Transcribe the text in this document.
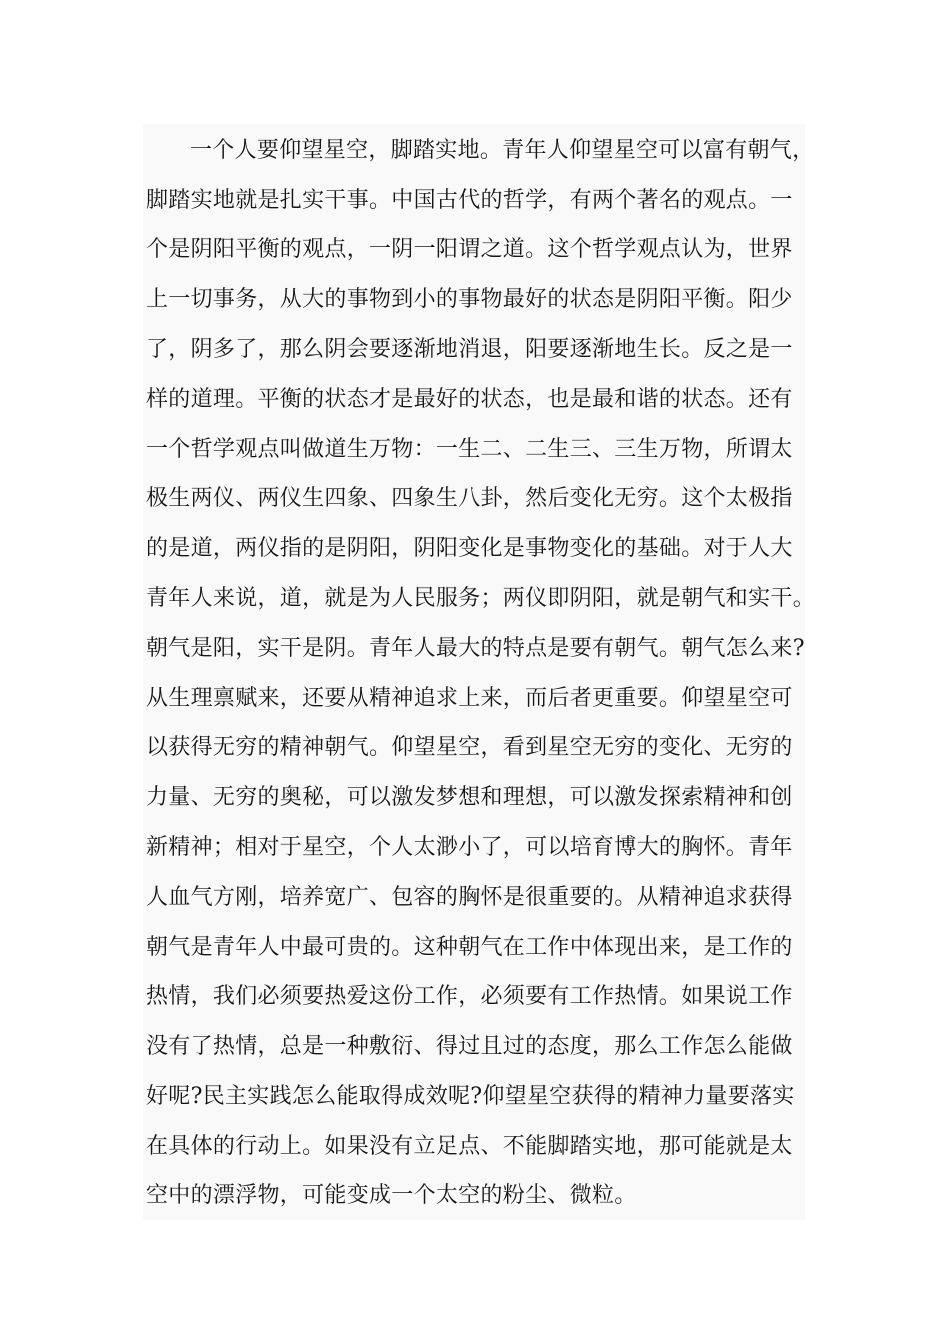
一个人要仰望星空，脚踏实地。青年人仰望星空可以富有朝气，
脚踏实地就是扎实干事。中国古代的哲学，有两个著名的观点。一
个是阴阳平衡的观点，一阴一阳谓之道。这个哲学观点认为，世界
上一切事务，从大的事物到小的事物最好的状态是阴阳平衡。阳少
了，阴多了，那么阴会要逐渐地消退，阳要逐渐地生长。反之是一
样的道理。平衡的状态才是最好的状态，也是最和谐的状态。还有
一个哲学观点叫做道生万物：一生二、二生三、三生万物，所谓太
极生两仪、两仪生四象、四象生八卦，然后变化无穷。这个太极指
的是道，两仪指的是阴阳，阴阳变化是事物变化的基础。对于人大
青年人来说，道，就是为人民服务；两仪即阴阳，就是朝气和实干。
朝气是阳，实干是阴。青年人最大的特点是要有朝气。朝气怎么来?
从生理禀赋来，还要从精神追求上来，而后者更重要。仰望星空可
以获得无穷的精神朝气。仰望星空，看到星空无穷的变化、无穷的
力量、无穷的奥秘，可以激发梦想和理想，可以激发探索精神和创
新精神；相对于星空，个人太渺小了，可以培育博大的胸怀。青年
人血气方刚，培养宽广、包容的胸怀是很重要的。从精神追求获得
朝气是青年人中最可贵的。这种朝气在工作中体现出来，是工作的
热情，我们必须要热爱这份工作，必须要有工作热情。如果说工作
没有了热情，总是一种敷衍、得过且过的态度，那么工作怎么能做
好呢?民主实践怎么能取得成效呢?仰望星空获得的精神力量要落实
在具体的行动上。如果没有立足点、不能脚踏实地，那可能就是太
空中的漂浮物，可能变成一个太空的粉尘、微粒。
